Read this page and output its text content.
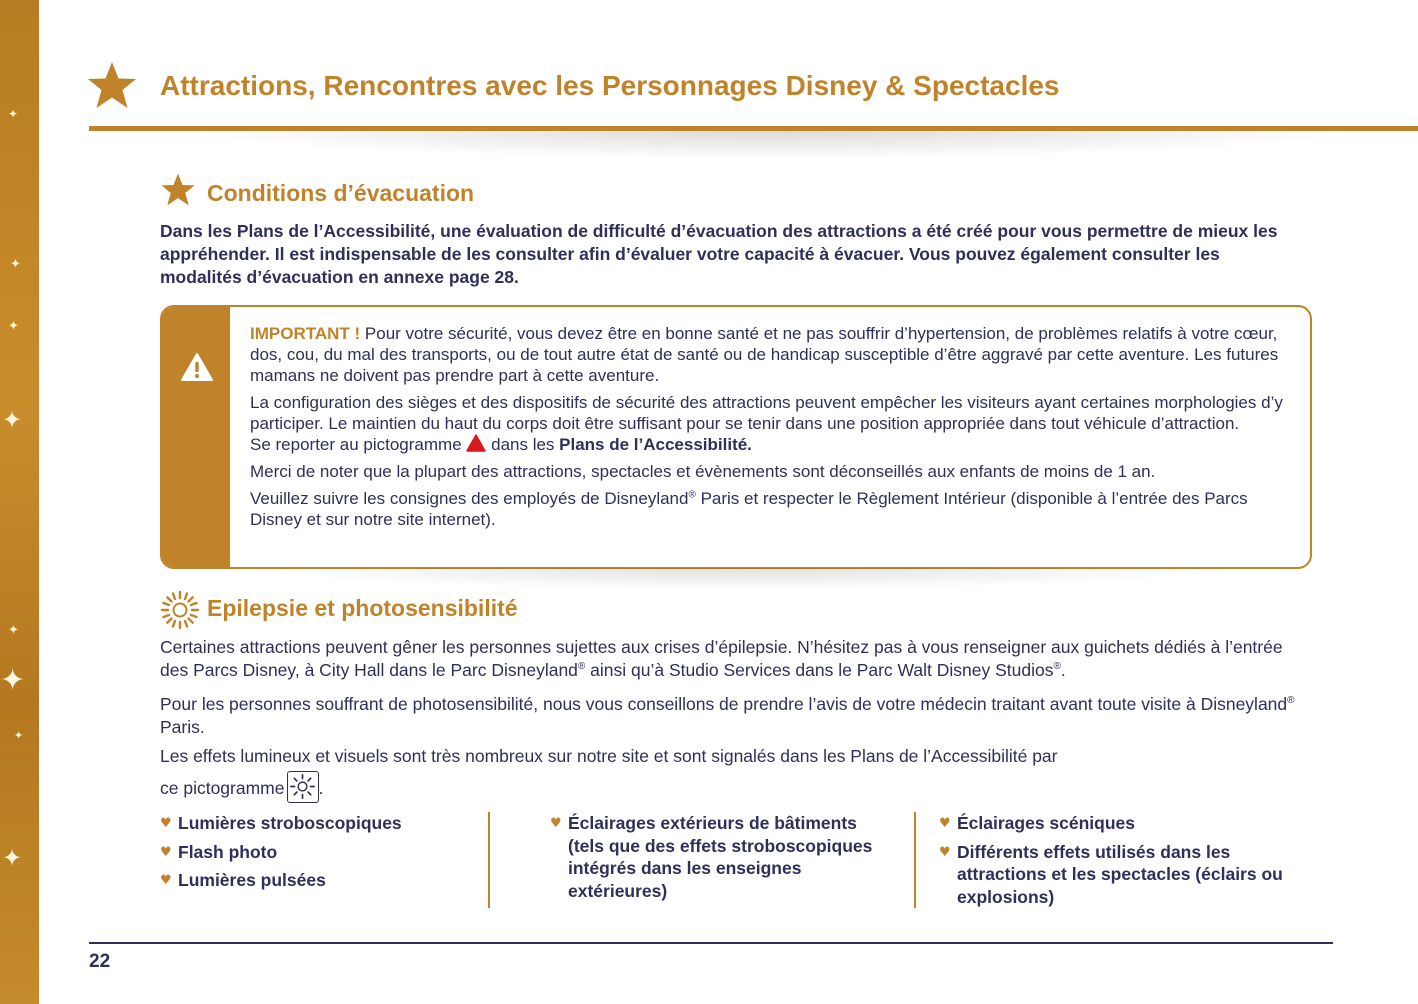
✦
✦
✦
✦
✦
✦
✦
✦
Attractions, Rencontres avec les Personnages Disney & Spectacles
Conditions d’évacuation
Dans les Plans de l’Accessibilité, une évaluation de difficulté d’évacuation des attractions a été créé pour vous permettre de mieux les appréhender. Il est indispensable de les consulter afin d’évaluer votre capacité à évacuer. Vous pouvez également consulter les modalités d’évacuation en annexe page 28.

IMPORTANT ! Pour votre sécurité, vous devez être en bonne santé et ne pas souffrir d’hypertension, de problèmes relatifs à votre cœur, dos, cou, du mal des transports, ou de tout autre état de santé ou de handicap susceptible d’être aggravé par cette aventure. Les futures mamans ne doivent pas prendre part à cette aventure.

La configuration des sièges et des dispositifs de sécurité des attractions peuvent empêcher les visiteurs ayant certaines morphologies d’y participer. Le maintien du haut du corps doit être suffisant pour se tenir dans une position appropriée dans tout véhicule d’attraction.

Se reporter au pictogramme  dans les Plans de l’Accessibilité.

Merci de noter que la plupart des attractions, spectacles et évènements sont déconseillés aux enfants de moins de 1 an.

Veuillez suivre les consignes des employés de Disneyland® Paris et respecter le Règlement Intérieur (disponible à l’entrée des Parcs Disney et sur notre site internet).

Epilepsie et photosensibilité

Certaines attractions peuvent gêner les personnes sujettes aux crises d’épilepsie. N’hésitez pas à vous renseigner aux guichets dédiés à l’entrée des Parcs Disney, à City Hall dans le Parc Disneyland® ainsi qu’à Studio Services dans le Parc Walt Disney Studios®.

Pour les personnes souffrant de photosensibilité, nous vous conseillons de prendre l’avis de votre médecin traitant avant toute visite à Disneyland® Paris.

Les effets lumineux et visuels sont très nombreux sur notre site et sont signalés dans les Plans de l’Accessibilité par

ce pictogramme .

♥ Lumières stroboscopiques
♥ Flash photo
♥ Lumières pulsées
♥ Éclairages extérieurs de bâtiments (tels que des effets stroboscopiques intégrés dans les enseignes extérieures)
♥ Éclairages scéniques
♥ Différents effets utilisés dans les attractions et les spectacles (éclairs ou explosions)
22
